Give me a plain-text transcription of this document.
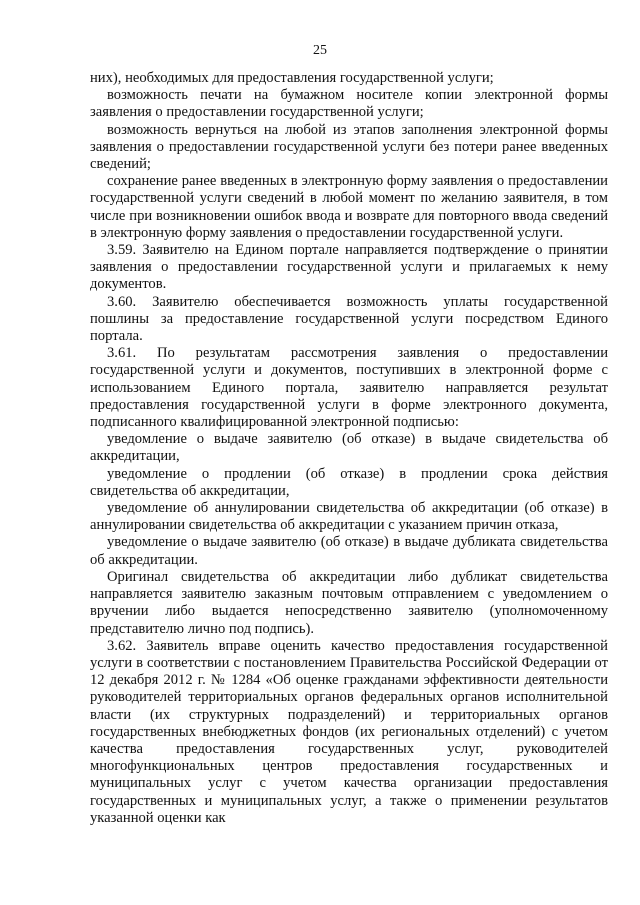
25

них), необходимых для предоставления государственной услуги;

возможность печати на бумажном носителе копии электронной формы заявления о предоставлении государственной услуги;

возможность вернуться на любой из этапов заполнения электронной формы заявления о предоставлении государственной услуги без потери ранее введенных сведений;

сохранение ранее введенных в электронную форму заявления о предоставлении государственной услуги сведений в любой момент по желанию заявителя, в том числе при возникновении ошибок ввода и возврате для повторного ввода сведений в электронную форму заявления о предоставлении государственной услуги.

3.59. Заявителю на Едином портале направляется подтверждение о принятии заявления о предоставлении государственной услуги и прилагаемых к нему документов.

3.60. Заявителю обеспечивается возможность уплаты государственной пошлины за предоставление государственной услуги посредством Единого портала.

3.61. По результатам рассмотрения заявления о предоставлении государственной услуги и документов, поступивших в электронной форме с использованием Единого портала, заявителю направляется результат предоставления государственной услуги в форме электронного документа, подписанного квалифицированной электронной подписью:

уведомление о выдаче заявителю (об отказе) в выдаче свидетельства об аккредитации,

уведомление о продлении (об отказе) в продлении срока действия свидетельства об аккредитации,

уведомление об аннулировании свидетельства об аккредитации (об отказе) в аннулировании свидетельства об аккредитации с указанием причин отказа,

уведомление о выдаче заявителю (об отказе) в выдаче дубликата свидетельства об аккредитации.

Оригинал свидетельства об аккредитации либо дубликат свидетельства направляется заявителю заказным почтовым отправлением с уведомлением о вручении либо выдается непосредственно заявителю (уполномоченному представителю лично под подпись).

3.62. Заявитель вправе оценить качество предоставления государственной услуги в соответствии с постановлением Правительства Российской Федерации от 12 декабря 2012 г. № 1284 «Об оценке гражданами эффективности деятельности руководителей территориальных органов федеральных органов исполнительной власти (их структурных подразделений) и территориальных органов государственных внебюджетных фондов (их региональных отделений) с учетом качества предоставления государственных услуг, руководителей многофункциональных центров предоставления государственных и муниципальных услуг с учетом качества организации предоставления государственных и муниципальных услуг, а также о применении результатов указанной оценки как
